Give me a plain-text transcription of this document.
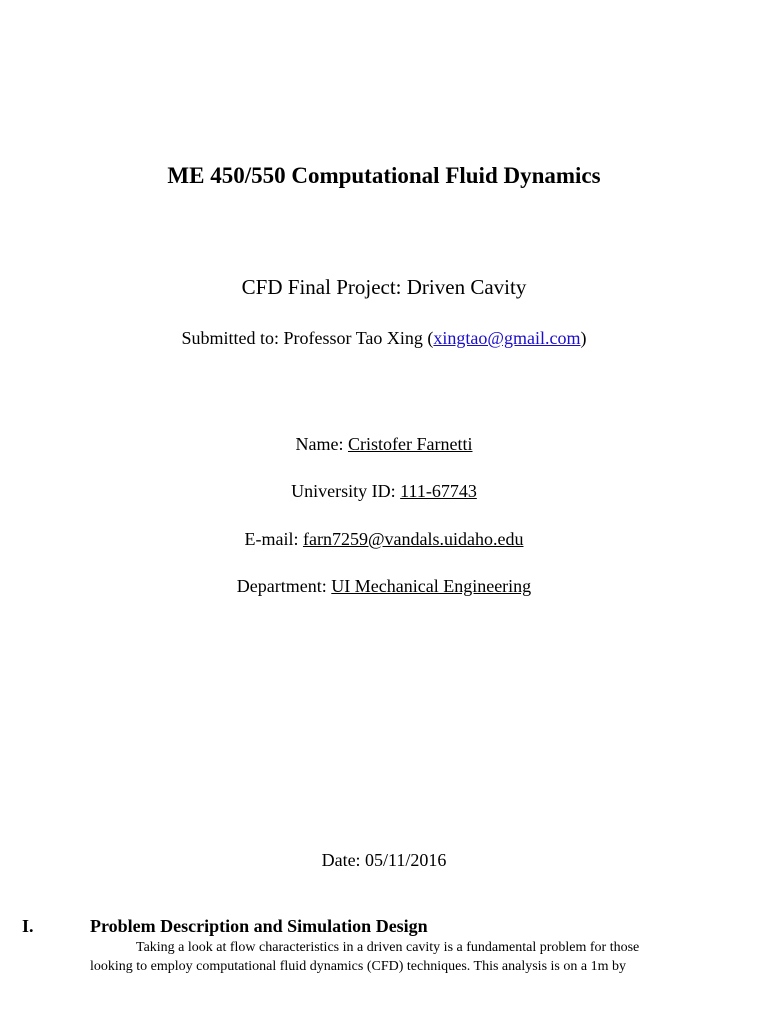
ME 450/550 Computational Fluid Dynamics
CFD Final Project: Driven Cavity
Submitted to: Professor Tao Xing (xingtao@gmail.com)
Name: Cristofer Farnetti
University ID: 111-67743
E-mail: farn7259@vandals.uidaho.edu
Department: UI Mechanical Engineering
Date: 05/11/2016
I.	Problem Description and Simulation Design
Taking a look at flow characteristics in a driven cavity is a fundamental problem for those
looking to employ computational fluid dynamics (CFD) techniques. This analysis is on a 1m by
